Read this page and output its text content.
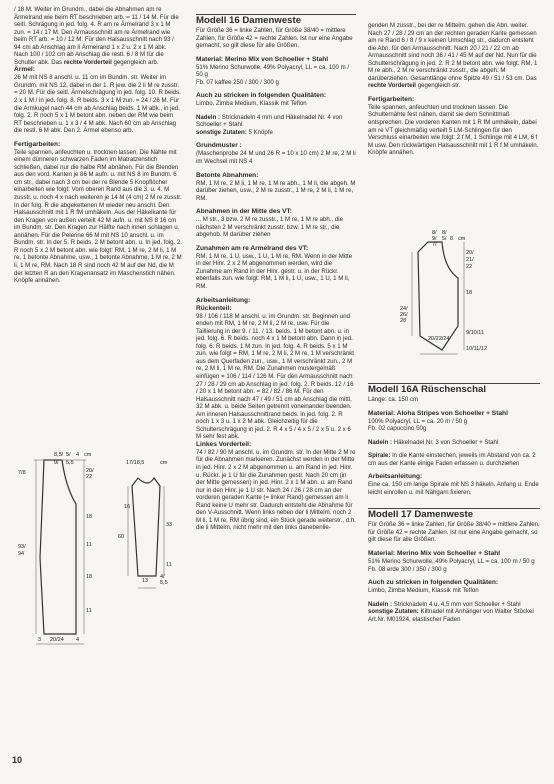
/ 18 M. Weiter im Grundm., dabei die Abnahmen am re Ärmelrand wie beim RT beschrieben arb. = 11 / 14 M. Für die seitl. Schrägung in jed. folg. 4. R am re Ärmelrand 3 x 1 M zun. = 14 / 17 M. Den Armausschnitt am re Ärmelrand wie beim RT arb. = 10 / 12 M. Für den Halsausschnitt nach 93 / 94 cm ab Anschlag am li Ärmelrand 1 x 2 u. 2 x 1 M abk. Nach 100 / 102 cm ab Anschlag die restl. 6 / 8 M für die Schulter abk. Das rechte Vorderteil gegengleich arb.

Ärmel:

26 M mit NS 8 anschl. u. 11 cm im Bundm. str. Weiter im Grundm. mit NS 12, dabei in der 1. R jew. die 2 li M re zusstr. = 20 M. Für die seitl. Ärmelschrägung in jed. folg. 10. R beids. 2 x 1 M / in jed. folg. 8. R beids. 3 x 1 M zun. = 24 / 26 M. Für die Armkugel nach 44 cm ab Anschlag beids. 1 M abk., in jed. folg. 2. R noch 5 x 1 M betont abn. neben der RM wie beim RT beschrieben u. 1 x 3 / 4 M abk. Nach 60 cm ab Anschlag die restl. 6 M abk. Den 2. Ärmel ebenso arb.

Fertigarbeiten:

Teile spannen, anfeuchten u. trocknen lassen. Die Nähte mit einem dünneren schwarzen Faden im Matratzenstich schließen, dabei nur die halbe RM abnähen. Für die Blenden aus den vord. Kanten je 86 M aufn. u. mit NS 8 im Bundm. 6 cm str., dabei nach 3 cm bei der re Blende 5 Knopflöcher einarbeiten wie folgt: Vom oberen Rand aus die 3. u. 4. M zusstr. u. noch 4 x nach weiteren je 14 M (4 cm) 2 M re zusstr. In der folg. R die abgekettenen M wieder neu anschl. Den Halsausschnitt mit 1 R fM umhäkeln. Aus der Häkelkante für den Kragen von außen verteilt 42 M aufn. u. mit NS 8 16 cm im Bundm. str. Den Kragen zur Hälfte nach innen schlagen u. annähen. Für die Pelerine 66 M mit NS 10 anschl. u. im Bundm. str. In der 5. R beids. 2 M betont abn. u. In jed. folg. 2. R noch 5 x 2 M betont abn. wie folgt: RM, 1 M re, 2 M li, 1 M re, 1 betonte Abnahme, usw., 1 betonte Abnahme, 1 M re, 2 M li, 1 M re, RM. Nach 18 R sind noch 42 M auf der Nd, die M der letzten R an den Kragenansatz im Maschenstich nähen. Knöpfe annähen.

8,5/ 5/ 4 cm
9/ 5,5
20/
22
18
11
18
11
7/8
93/
94
3 20/24 4
17/18,5	cm
16
60
33
11
13
4/
5,5

Modell 16 Damenweste

Für Größe 36 = linke Zahlen, für Größe 38/40 = mittlere Zahlen, für Größe 42 = rechte Zahlen. Ist nur eine Angabe gemacht, so gilt diese für alle Größen.

Material: Merino Mix von Schoeller + Stahl

51% Merino Schurwolle, 49% Polyacryl, LL = ca. 100 m / 50 g

Fb. 07 kaffee 250 / 300 / 300 g

Auch zu stricken in folgenden Qualitäten:

Limbo, Zimba Medium, Klassik mit Teflon

Nadeln : Stricknadeln 4 mm und Häkelnadel Nr. 4 von Schoeller + Stahl
sonstige Zutaten: 5 Knöpfe

Grundmuster :

(Maschenprobe 24 M und 26 R = 10 x 10 cm) 2 M re, 2 M li im Wechsel mit NS 4

Betonte Abnahmen:

RM, 1 M re, 2 M li, 1 M re, 1 M re abh., 1 M li, die abgeh. M darüber ziehen, usw., 2 M re zusstr., 1 M re, 2 M li, 1 M re, RM.

Abnahmen in der Mitte des VT:

... M str., 3 bzw. 2 M re zusstr., 1 M re, 1 M re abh., die nächsten 2 M verschränkt zusstr. bzw. 1 M re str., die abgehob. M darüber ziehen

Zunahmen am re Armelrand des VT:

RM, 1 M re, 1 U, usw., 1 U, 1 M re, RM. Wenn in der Mitte in der Hinr. 2 x 2 M abgenommen werden, wird die Zunahme am Rand in der Hinr. gestr. u. in der Rückr. ebenfalls zun. wie folgt: RM, 1 M li, 1 U, usw., 1 U, 1 M li, RM.

Arbeitsanleitung:

Rückenteil:

98 / 106 / 118 M anschl. u. im Grundm. str. Beginnen und enden mit RM, 1 M re, 2 M li, 2 M re, usw. Für die Taillierung in der 9. / 11. / 13. beids. 1 M betont abn. u. in jed. folg. 6. R beids. noch 4 x 1 M betont abn. Dann in jed. folg. 6. R beids. 1 M zun. In jed. folg. 4. R beids. 5 x 1 M zun. wie folgt = RM, 1 M re, 2 M li, 2 M re, 1 M verschränkt aus dem Querfaden zun., usw., 1 M verschränkt zun., 2 M re, 2 M li, 1 M re, RM. Die Zunahmen mustergemäß einfügen = 106 / 114 / 126 M. Für den Armausschnitt nach 27 / 28 / 29 cm ab Anschlag in jed. folg. 2. R beids. 12 / 16 / 20 x 1 M betont abn. = 82 / 82 / 86 M. Für den Halsausschnitt nach 47 / 49 / 51 cm ab Anschlag die mittl. 32 M abk. u. beide Seiten getrennt voneinander beenden. Am inneren Halsausschnittrand beids. in jed. folg. 2. R noch 1 x 3 u. 1 x 2 M abk. Gleichzeitig für die Schulterschrägung in jed. 2. R 4 x 5 / 4 x 5 / 2 x 5 u. 2 x 6 M sehr fest abk.

Linkes Vorderteil:

74 / 82 / 90 M anschl. u. im Grundm. str. In der Mitte 2 M re für die Abnahmen markieren. Zunächst werden in der Mitte in jed. Hinr. 2 x 2 M abgenommen u. am Rand in jed. Hinr. u. Rückr. je 1 U für die Zunahmen gestr. Nach 20 cm (in der Mitte gemessen) in jed. Hinr. 2 x 1 M abn. u. am Rand nur in den Hinr. je 1 U str. Nach 24 / 26 / 28 cm an der vorderen geraden Kante (= linker Rand) gemessen am li Rand keine U mehr str. Dadurch entsteht die Abnahme für den V-Ausschnitt. Wenn links neben der li Mittelm. noch 2 M li, 1 M re, RM übrig sind, ein Stück gerade weiterstr., d.h. die li Mittelm. nicht mehr mit den links danebenlie-

genden M zusstr., bei der re Mittelm. gehen die Abn. weiter. Nach 27 / 28 / 29 cm an der rechten geraden Kante gemessen am re Rand 6 / 8 / 9 x keinen Umschlag str., dadurch entsteht die Abn. für den Armausschnitt. Nach 20 / 21 / 22 cm ab Armausschnitt sind noch 36 / 41 / 45 M auf der Nd. Nun für die Schulterschrägung in jed. 2. R 2 M betont abn. wie folgt: RM, 1 M re abh., 2 M re verschränkt zusstr., die abgeh. M darüberziehen. Gesamtlänge ohne Spitze 49 / 51 / 53 cm. Das rechte Vorderteil gegengleich str.

Fertigarbeiten:

Teile spannen, anfeuchten und trocknen lassen. Die Schulternähte fest nähen, damit sie dem Schnittmaß entsprechen. Die vorderen Kanten mit 1 R fM umhäkeln, dabei am re VT gleichmäßig verteilt 5 LM-Schlingen für den Verschluss einarbeiten wie folgt: 2 f M, 1 Schlinge mit 4 LM, 6 f M usw. Den rückwärtigen Halsausschnitt mit 1 R f M umhäkeln. Knöpfe annähen.

8/ 8/
9/ 5/
7/
8 cm
20/
21/
22
18
24/
26/
28
9/10/11
10/11/12
20/22/24

Modell 16A Rüschenschal

Länge: ca. 150 cm

Material: Aloha Stripes von Schoeller + Stahl

100% Polyacryl, LL = ca. 20 m / 50 g

Fb. 02 capuccino 50g

Nadeln : Häkelnadel Nr. 3 von Schoeller + Stahl

Spirale: In die Kante einstechen, jeweils im Abstand von ca. 2 cm aus der Kante einige Faden erfassen u. durchziehen

Arbeitsanleitung:

Eine ca. 150 cm lange Spirale mit NS 3 häkeln. Anfang u. Ende leicht einrollen u. mit Nähgarn fixieren.

Modell 17 Damenweste

Für Größe 36 = linke Zahlen, für Größe 38/40 = mittlere Zahlen, für Größe 42 = rechte Zahlen. Ist nur eine Angabe gemacht, so gilt diese für alle Größen.

Material: Merino Mix von Schoeller + Stahl

51% Merino Schurwolle, 49% Polyacryl, LL = ca. 100 m / 50 g

Fb. 08 erde 300 / 350 / 300 g

Auch zu stricken in folgenden Qualitäten:

Limbo, Zimba Medium, Klassik mit Teflon

Nadeln : Stricknadeln 4 u. 4,5 mm von Schoeller + Stahl
sonstige Zutaten: Kiltnadel mit Anhänger von Walter Stöckel Art.Nr. M01924, elastischer Faden

10
